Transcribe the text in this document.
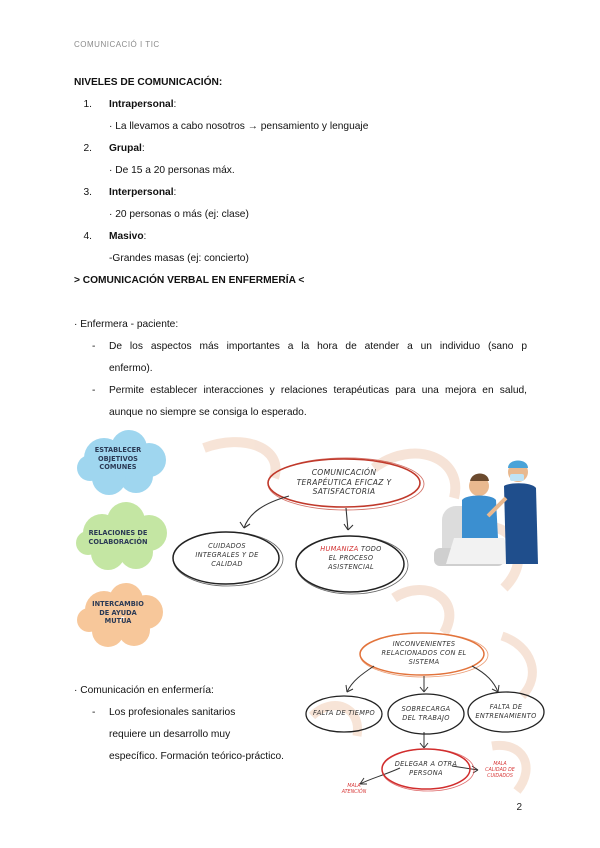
COMUNICACIÓ I TIC
NIVELES DE COMUNICACIÓN:
1. Intrapersonal:
· La llevamos a cabo nosotros → pensamiento y lenguaje
2. Grupal:
· De 15 a 20 personas máx.
3. Interpersonal:
· 20 personas o más (ej: clase)
4. Masivo:
-Grandes masas (ej: concierto)
> COMUNICACIÓN VERBAL EN ENFERMERÍA <
· Enfermera - paciente:
- De los aspectos más importantes a la hora de atender a un individuo (sano p
enfermo).
- Permite establecer interacciones y relaciones terapéuticas para una mejora en salud,
aunque no siempre se consiga lo esperado.
ESTABLECER
OBJETIVOS
COMUNES
RELACIONES DE
COLABORACIÓN
INTERCAMBIO
DE AYUDA
MUTUA
COMUNICACIÓN
TERAPÉUTICA EFICAZ Y
SATISFACTORIA
CUIDADOS
INTEGRALES Y DE
CALIDAD
HUMANIZA TODO
EL PROCESO
ASISTENCIAL
· Comunicación en enfermería:
- Los profesionales sanitarios
requiere un desarrollo muy
específico. Formación teórico-práctico.
INCONVENIENTES
RELACIONADOS CON EL
SISTEMA
FALTA DE TIEMPO	SOBRECARGA
DEL TRABAJO
FALTA DE
ENTRENAMIENTO
DELEGAR A OTRA
PERSONA
MALA
ATENCIÓN
MALA
CALIDAD DE
CUIDADOS
2
